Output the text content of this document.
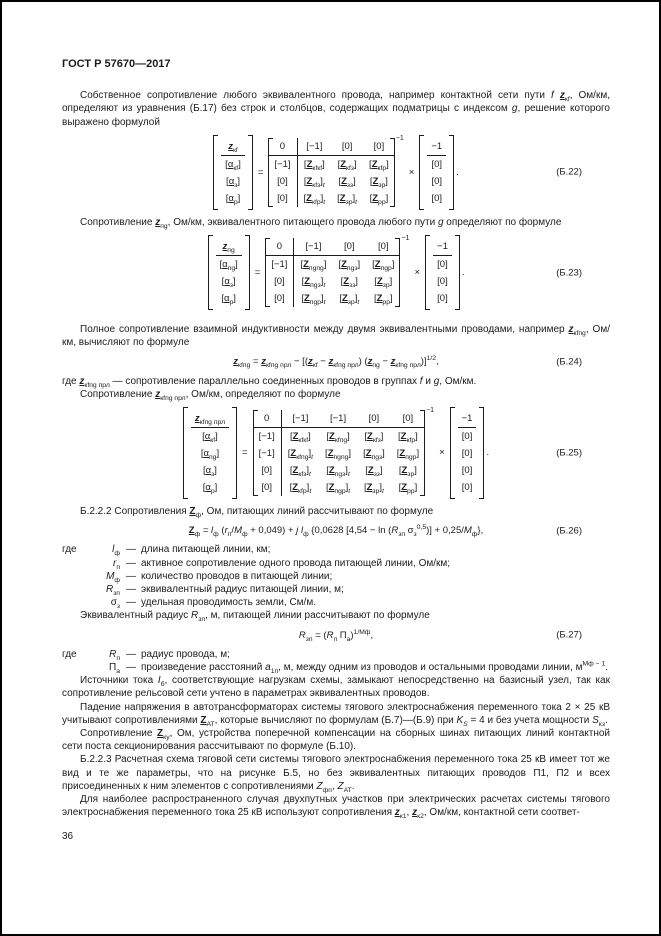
ГОСТ Р 57670—2017

Собственное сопротивление любого эквивалентного провода, например контактной сети пути f $z_{кf}$, Ом/км, определяют из уравнения (Б.17) без строк и столбцов, содержащих подматрицы с индексом g, решение которого выражено формулой

$z_{кf}$
$[\alpha_{кf}]$
$[\alpha_з]$
$[\alpha_р]$
=
0	[−1]	[0]	[0]
[−1]	$[Z_{кfкf}]$	$[Z_{кfз}]$	$[Z_{кfр}]$
[0]	$[Z_{кfз}]_t$	$[Z_{зз}]$	$[Z_{зр}]$
[0]	$[Z_{кfр}]_t$	$[Z_{зр}]_t$	$[Z_{рр}]$

−1
×
−1
[0]
[0]
[0]
.	(Б.22)

Сопротивление $z_{пg}$, Ом/км, эквивалентного питающего провода любого пути g определяют по формуле

$z_{пg}$
$[\alpha_{пg}]$
$[\alpha_з]$
$[\alpha_р]$
=
0	[−1]	[0]	[0]
[−1]	$[Z_{пgпg}]$	$[Z_{пgз}]$	$[Z_{пgр}]$
[0]	$[Z_{пgз}]_t$	$[Z_{зз}]$	$[Z_{зр}]$
[0]	$[Z_{пgр}]_t$	$[Z_{зр}]_t$	$[Z_{рр}]$

−1
×
−1
[0]
[0]
[0]
.	(Б.23)

Полное сопротивление взаимной индуктивности между двумя эквивалентными проводами, например $z_{кfпg}$, Ом/км, вычисляют по формуле

$z_{кfпg} = z_{кfпg прл} - [(z_{кf} - z_{кfпg прл}) (z_{пg} - z_{кfпg прл})]^{1/2}$,	(Б.24)

где $z_{кfпg прл}$ — сопротивление параллельно соединенных проводов в группах f и g, Ом/км.

Сопротивление $z_{кfпg прл}$, Ом/км, определяют по формуле

$z_{кfпg прл}$
$[\alpha_{кf}]$
$[\alpha_{пg}]$
$[\alpha_з]$
$[\alpha_р]$
=
0	[−1]	[−1]	[0]	[0]
[−1]	$[Z_{кfкf}]$	$[Z_{кfпg}]$	$[Z_{кfз}]$	$[Z_{кfр}]$
[−1]	$[Z_{кfпg}]_t$	$[Z_{пgпg}]$	$[Z_{пgз}]$	$[Z_{пgр}]$
[0]	$[Z_{кfз}]_t$	$[Z_{пgз}]_t$	$[Z_{зз}]$	$[Z_{зр}]$
[0]	$[Z_{кfр}]_t$	$[Z_{пgр}]_t$	$[Z_{зр}]_t$	$[Z_{рр}]$

−1
×
−1
[0]
[0]
[0]
[0]
.	(Б.25)

Б.2.2.2 Сопротивления $Z_ф$, Ом, питающих линий рассчитывают по формуле

$Z_ф = l_ф$ $(r_п/M_ф + 0,049) + j$ $l_ф$ {0,0628 [$4,54 - \ln (R_{зп}$ $\sigma_з^{0,5})] + 0,25/M_ф$},	(Б.26)
где	$l_ф$ — длина питающей линии, км;
$r_п$ — активное сопротивление одного провода питающей линии, Ом/км;
$M_ф$ — количество проводов в питающей линии;
$R_{зп}$ — эквивалентный радиус питающей линии, м;
$\sigma_з$ — удельная проводимость земли, См/м.

Эквивалентный радиус $R_{зп}$, м, питающей линии рассчитывают по формуле

$R_{зп} = (R_п$ $П_а)^{1/Мф}$,	(Б.27)
где	$R_п$ — радиус провода, м;
$П_а$ — произведение расстояний $a_{1п}$, м, между одним из проводов и остальными проводами линии, $м^{Мф - 1}$.

Источники тока $I_б$, соответствующие нагрузкам схемы, замыкают непосредственно на базисный узел, так как сопротивление рельсовой сети учтено в параметрах эквивалентных проводов.

Падение напряжения в автотрансформаторах системы тягового электроснабжения переменного тока 2 × 25 кВ учитывают сопротивлениями $Z_{АТ}$, которые вычисляют по формулам (Б.7)—(Б.9) при $K_S = 4$ и без учета мощности $S_{кз}$.

Сопротивление $Z_{ку}$, Ом, устройства поперечной компенсации на сборных шинах питающих линий контактной сети поста секционирования рассчитывают по формуле (Б.10).

Б.2.2.3 Расчетная схема тяговой сети системы тягового электроснабжения переменного тока 25 кВ имеет тот же вид и те же параметры, что на рисунке Б.5, но без эквивалентных питающих проводов П1, П2 и всех присоединенных к ним элементов с сопротивлениями $Z_{фп}$, $Z_{АТ}$.

Для наиболее распространенного случая двухпутных участков при электрических расчетах системы тягового электроснабжения переменного тока 25 кВ используют сопротивления $z_{к1}$, $z_{к2}$, Ом/км, контактной сети соответ-

36
